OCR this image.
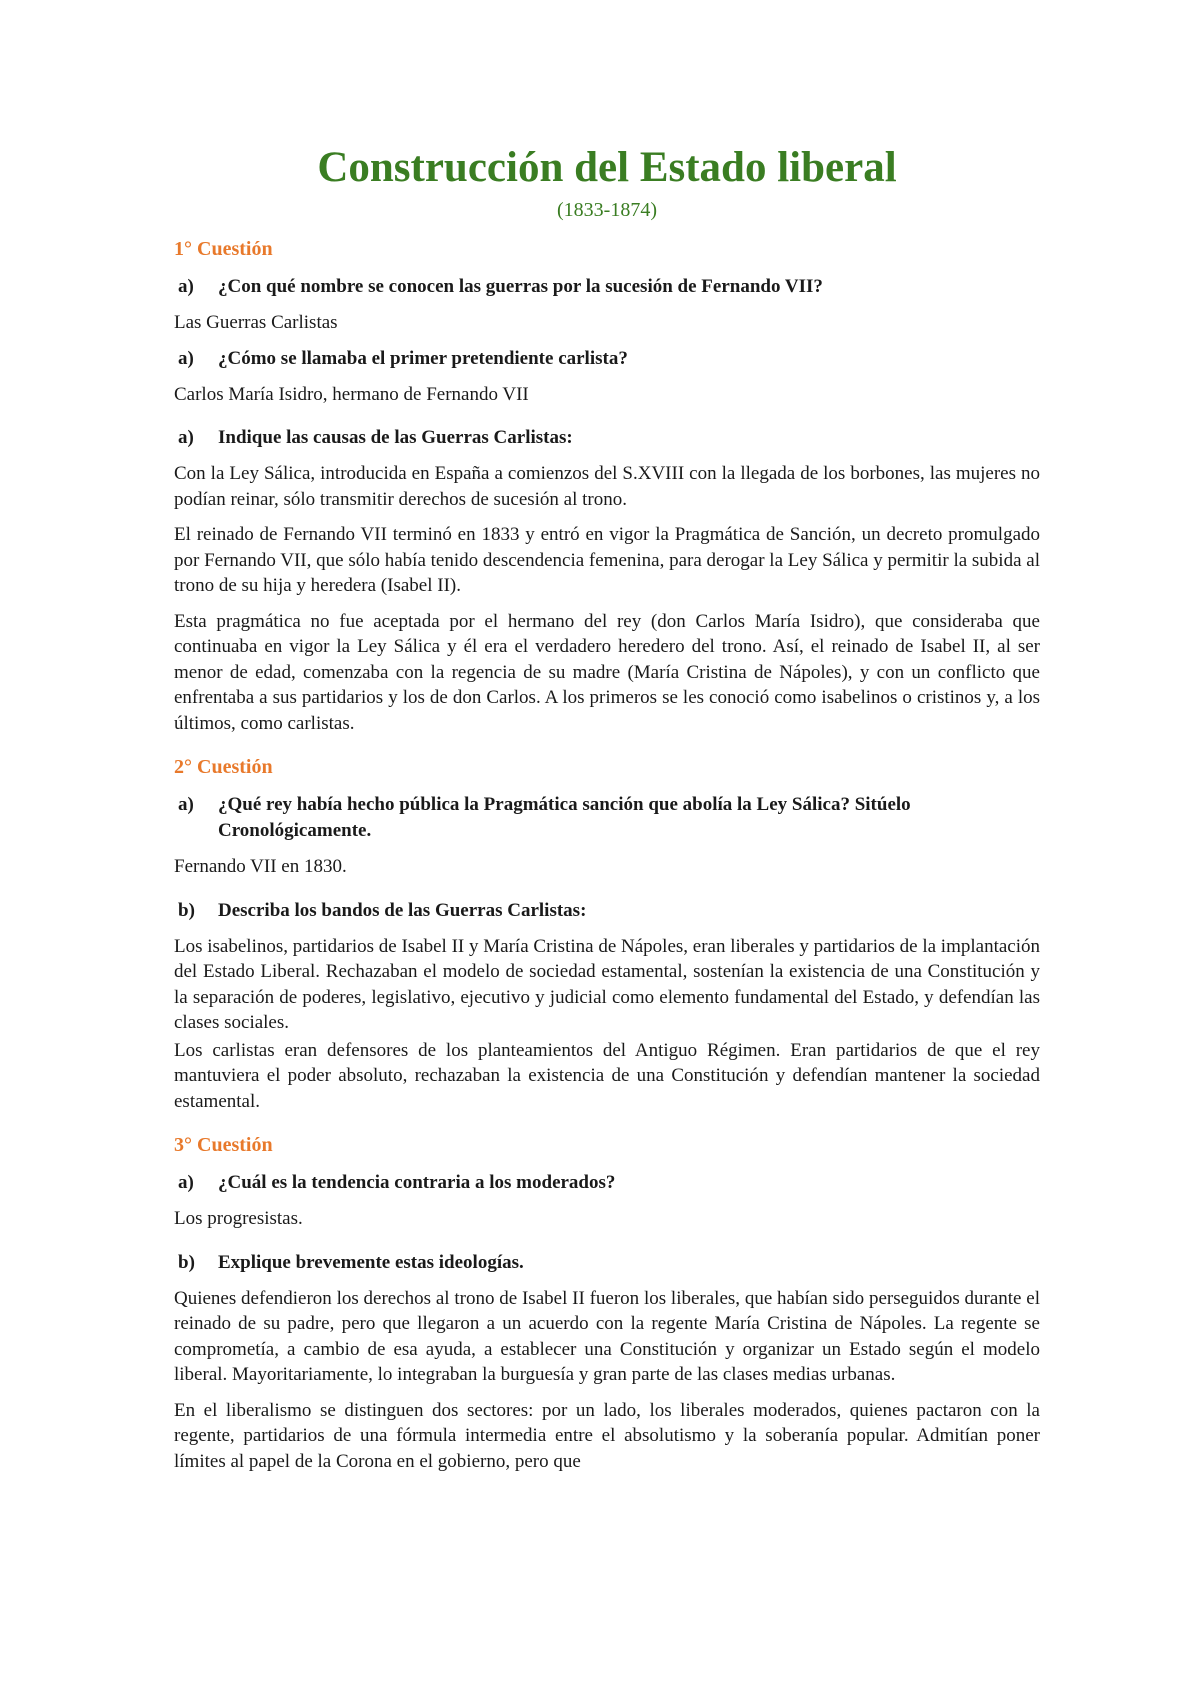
Construcción del Estado liberal
(1833-1874)
1° Cuestión
a)	¿Con qué nombre se conocen las guerras por la sucesión de Fernando VII?

Las Guerras Carlistas

a)	¿Cómo se llamaba el primer pretendiente carlista?

Carlos María Isidro, hermano de Fernando VII

a)	Indique las causas de las Guerras Carlistas:

Con la Ley Sálica, introducida en España a comienzos del S.XVIII con la llegada de los borbones, las mujeres no podían reinar, sólo transmitir derechos de sucesión al trono.

El reinado de Fernando VII terminó en 1833 y entró en vigor la Pragmática de Sanción, un decreto promulgado por Fernando VII, que sólo había tenido descendencia femenina, para derogar la Ley Sálica y permitir la subida al trono de su hija y heredera (Isabel II).

Esta pragmática no fue aceptada por el hermano del rey (don Carlos María Isidro), que consideraba que continuaba en vigor la Ley Sálica y él era el verdadero heredero del trono. Así, el reinado de Isabel II, al ser menor de edad, comenzaba con la regencia de su madre (María Cristina de Nápoles), y con un conflicto que enfrentaba a sus partidarios y los de don Carlos. A los primeros se les conoció como isabelinos o cristinos y, a los últimos, como carlistas.

2° Cuestión
a)	¿Qué rey había hecho pública la Pragmática sanción que abolía la Ley Sálica? Sitúelo Cronológicamente.

Fernando VII en 1830.

b)	Describa los bandos de las Guerras Carlistas:

Los isabelinos, partidarios de Isabel II y María Cristina de Nápoles, eran liberales y partidarios de la implantación del Estado Liberal. Rechazaban el modelo de sociedad estamental, sostenían la existencia de una Constitución y la separación de poderes, legislativo, ejecutivo y judicial como elemento fundamental del Estado, y defendían las clases sociales.

Los carlistas eran defensores de los planteamientos del Antiguo Régimen. Eran partidarios de que el rey mantuviera el poder absoluto, rechazaban la existencia de una Constitución y defendían mantener la sociedad estamental.

3° Cuestión
a)	¿Cuál es la tendencia contraria a los moderados?

Los progresistas.

b)	Explique brevemente estas ideologías.

Quienes defendieron los derechos al trono de Isabel II fueron los liberales, que habían sido perseguidos durante el reinado de su padre, pero que llegaron a un acuerdo con la regente María Cristina de Nápoles. La regente se comprometía, a cambio de esa ayuda, a establecer una Constitución y organizar un Estado según el modelo liberal. Mayoritariamente, lo integraban la burguesía y gran parte de las clases medias urbanas.

En el liberalismo se distinguen dos sectores: por un lado, los liberales moderados, quienes pactaron con la regente, partidarios de una fórmula intermedia entre el absolutismo y la soberanía popular. Admitían poner límites al papel de la Corona en el gobierno, pero que
